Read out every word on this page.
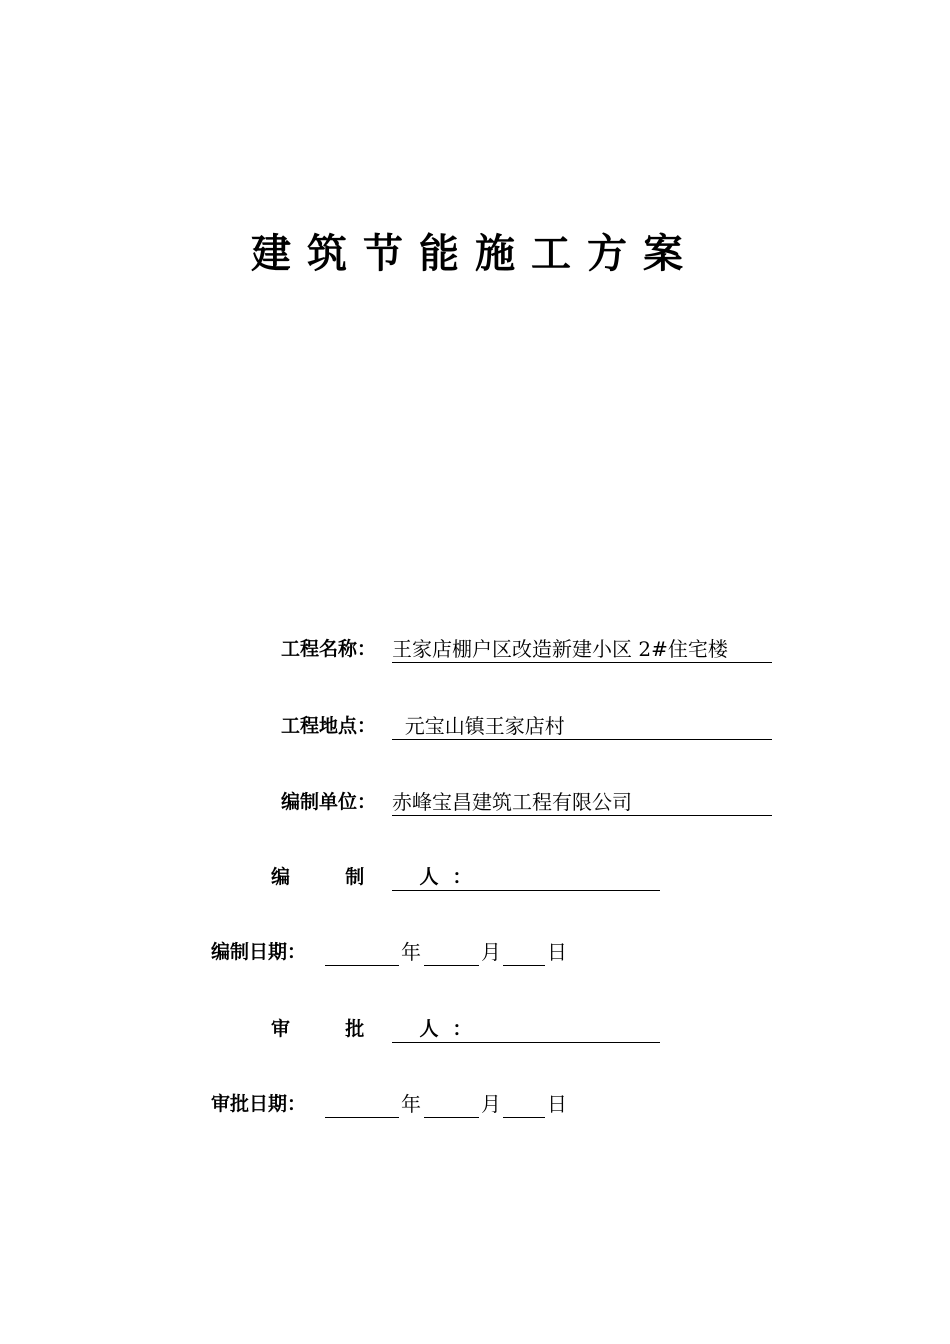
建筑节能施工方案
工程名称： 王家店棚户区改造新建小区 2#住宅楼
工程地点： 元宝山镇王家店村
编制单位： 赤峰宝昌建筑工程有限公司
编  制  人：
编制日期：	年	月 日
审  批  人：
审批日期：	年	月 日
